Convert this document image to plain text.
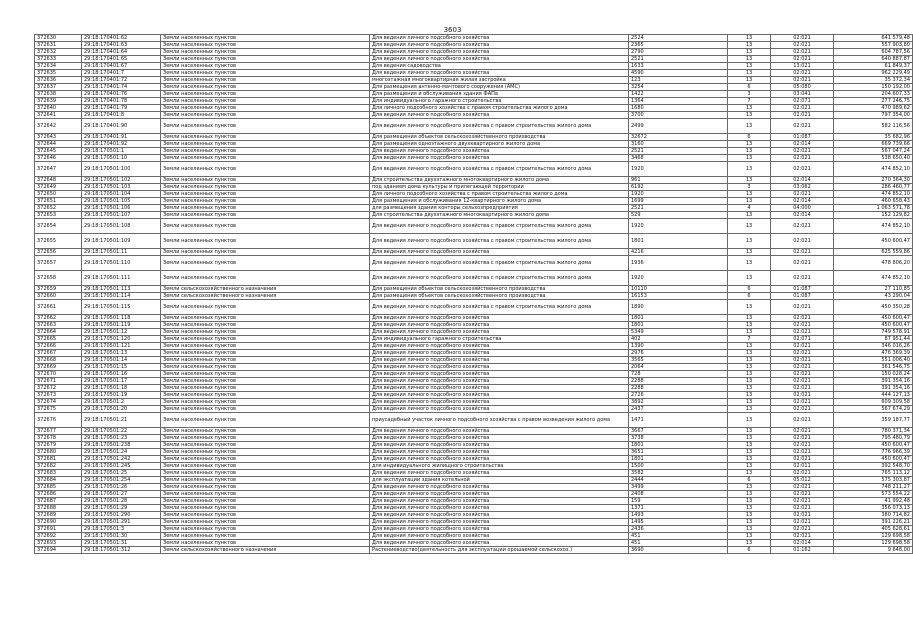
3603
372630	29:18:170401:62	Земли населенных пунктов	Для ведения личного подсобного хозяйства	2524	13	02:021	641 579,48
372631	29:18:170401:63	Земли населенных пунктов	Для ведения личного подсобного хозяйства	2365	13	02:021	557 903,80
372632	29:18:170401:64	Земли населенных пунктов	Для ведения личного подсобного хозяйства	2790	13	02:021	604 787,56
372633	29:18:170401:65	Земли населенных пунктов	Для ведения личного подсобного хозяйства	2521	13	02:021	640 887,87
372634	29:18:170401:67	Земли населенных пунктов	Для ведения садоводства	1633	13	13:021	61 849,37
372635	29:18:170401:7	Земли населенных пунктов	Для ведения личного подсобного хозяйства	4590	13	02:021	962 229,49
372636	29:18:170401:72	Земли населенных пунктов	многоэтажная многоквартирная жилая застройка	123	13	02:021	35 372,34
372637	29:18:170401:74	Земли населенных пунктов	Для размещения антенно-мачтового сооружения (АМС)	3254	6	05:080	150 192,00
372638	29:18:170401:76	Земли населенных пунктов	Для размещения и обслуживания здания ФАПа	1422	3	03:041	204 607,33
372639	29:18:170401:78	Земли населенных пунктов	Для индивидуального гаражного строительства	1364	7	02:071	277 246,75
372640	29:18:170401:79	Земли населенных пунктов	Для личного подсобного хозяйства с правом строительства жилого дома	1680	13	02:021	470 989,62
372641	29:18:170401:8	Земли населенных пунктов	Для ведения личного подсобного хозяйства	3700	13	02:021	797 354,00
372642	29:18:170401:90	Земли населенных пунктов	Для ведения личного подсобного хозяйства с правом строительства жилого дома	2499	13	02:021	582 116,56
372643	29:18:170401:91	Земли населенных пунктов	Для размещения объектов сельскохозяйственного производства	32672	6	01:087	35 682,96
372644	29:18:170401:92	Земли населенных пунктов	Для размещения одноэтажного двухквартирного жилого дома	3160	13	02:014	669 739,66
372645	29:18:170501:1	Земли населенных пунктов	Для ведения личного подсобного хозяйства	2521	13	02:021	567 047,24
372646	29:18:170501:10	Земли населенных пунктов	Для ведения личного подсобного хозяйства	3468	13	02:021	538 650,40
372647	29:18:170501:100	Земли населенных пунктов	Для ведения личного подсобного хозяйства с правом строительства жилого дома	1920	13	02:021	474 852,10
372648	29:18:170501:102	Земли населенных пунктов	Для строительства двухэтажного многоквартирного жилого дома	961	13	02:014	270 364,30
372649	29:18:170501:103	Земли населенных пунктов	под зданием дома культуры и прилегающей территории	6192	3	03:062	286 460,77
372650	29:18:170501:104	Земли населенных пунктов	Для личного подсобного хозяйства с правом строительства жилого дома	1920	13	02:021	474 852,10
372651	29:18:170501:105	Земли населенных пунктов	Для размещения и обслуживания 12-квартирного жилого дома	1699	13	02:014	460 658,43
372652	29:18:170501:106	Земли населенных пунктов	для размещения здания конторы сельхозпредприятия	2521	4	04:000	1 063 571,78
372653	29:18:170501:107	Земли населенных пунктов	Для строительства двухэтажного многоквартирного жилого дома	529	13	02:014	152 129,82
372654	29:18:170501:108	Земли населенных пунктов	Для ведения личного подсобного хозяйства с правом строительства жилого дома	1920	13	02:021	474 852,10
372655	29:18:170501:109	Земли населенных пунктов	Для ведения личного подсобного хозяйства с правом строительства жилого дома	1801	13	02:021	450 600,47
372656	29:18:170501:11	Земли населенных пунктов	Для ведения личного подсобного хозяйства	4216	13	02:021	625 559,86
372657	29:18:170501:110	Земли населенных пунктов	Для ведения личного подсобного хозяйства с правом строительства жилого дома	1936	13	02:021	478 806,20
372658	29:18:170501:111	Земли населенных пунктов	Для ведения личного подсобного хозяйства с правом строительства жилого дома	1920	13	02:021	474 852,10
372659	29:18:170501:113	Земли сельскохозяйственного назначения	Для размещения объектов сельскохозяйственного производства	10110	6	01:087	27 110,85
372660	29:18:170501:114	Земли сельскохозяйственного назначения	Для размещения объектов сельскохозяйственного производства	16153	6	01:087	43 290,04
372661	29:18:170501:115	Земли населенных пунктов	Для ведения личного подсобного хозяйства с правом строительства жилого дома	1890	13	02:021	450 350,28
372662	29:18:170501:118	Земли населенных пунктов	Для ведения личного подсобного хозяйства	1801	13	02:021	450 600,47
372663	29:18:170501:119	Земли населенных пунктов	Для ведения личного подсобного хозяйства	1801	13	02:021	450 600,47
372664	29:18:170501:12	Земли населенных пунктов	Для ведения личного подсобного хозяйства	5349	13	02:021	749 578,91
372665	29:18:170501:120	Земли населенных пунктов	Для индивидуального гаражного строительства	402	7	02:071	87 951,44
372666	29:18:170501:121	Земли населенных пунктов	Для ведения личного подсобного хозяйства	1390	13	02:021	346 016,26
372667	29:18:170501:13	Земли населенных пунктов	Для ведения личного подсобного хозяйства	2976	13	02:021	476 369,39
372668	29:18:170501:14	Земли населенных пунктов	Для ведения личного подсобного хозяйства	3565	13	02:021	551 006,40
372669	29:18:170501:15	Земли населенных пунктов	Для ведения личного подсобного хозяйства	2064	13	02:021	361 546,75
372670	29:18:170501:16	Земли населенных пунктов	Для ведения личного подсобного хозяйства	728	13	02:021	150 028,24
372671	29:18:170501:17	Земли населенных пунктов	Для ведения личного подсобного хозяйства	2288	13	02:021	391 354,16
372672	29:18:170501:18	Земли населенных пунктов	Для ведения личного подсобного хозяйства	2288	13	02:021	391 354,16
372673	29:18:170501:19	Земли населенных пунктов	Для ведения личного подсобного хозяйства	2726	13	02:021	444 127,13
372674	29:18:170501:2	Земли населенных пунктов	Для ведения личного подсобного хозяйства	3892	13	02:021	609 309,58
372675	29:18:170501:20	Земли населенных пунктов	Для ведения личного подсобного хозяйства	2437	13	02:021	567 674,29
372676	29:18:170501:21	Земли населенных пунктов	приусадебный участок личного подсобного хозяйства с правом возведения жилого дома	1471	13	02:021	359 187,77
372677	29:18:170501:22	Земли населенных пунктов	Для ведения личного подсобного хозяйства	3667	13	02:021	780 371,34
372678	29:18:170501:23	Земли населенных пунктов	Для ведения личного подсобного хозяйства	3738	13	02:021	795 480,79
372679	29:18:170501:238	Земли населенных пунктов	Для ведения личного подсобного хозяйства	1801	13	02:021	450 600,47
372680	29:18:170501:24	Земли населенных пунктов	Для ведения личного подсобного хозяйства	3651	13	02:021	776 966,39
372681	29:18:170501:242	Земли населенных пунктов	Для ведения личного подсобного хозяйства	1801	13	02:021	450 600,47
372682	29:18:170501:245	Земли населенных пунктов	для индивидуального жилищного строительства	1500	13	02:011	392 548,70
372683	29:18:170501:25	Земли населенных пунктов	Для ведения личного подсобного хозяйства	3582	13	02:021	765 113,12
372684	29:18:170501:254	Земли населенных пунктов	для эксплуатации здания котельной	2444	6	05:012	575 303,87
372685	29:18:170501:26	Земли населенных пунктов	Для ведения личного подсобного хозяйства	3499	13	02:021	748 211,27
372686	29:18:170501:27	Земли населенных пунктов	Для ведения личного подсобного хозяйства	2408	13	02:021	573 554,22
372687	29:18:170501:28	Земли населенных пунктов	Для ведения личного подсобного хозяйства	159	13	02:021	41 992,48
372688	29:18:170501:29	Земли населенных пунктов	Для ведения личного подсобного хозяйства	1371	13	02:021	356 073,13
372689	29:18:170501:290	Земли населенных пунктов	Для ведения личного подсобного хозяйства	1493	13	02:021	380 714,82
372690	29:18:170501:291	Земли населенных пунктов	Для ведения личного подсобного хозяйства	1495	13	02:021	391 226,21
372691	29:18:170501:3	Земли населенных пунктов	Для ведения личного подсобного хозяйства	2436	13	02:021	405 628,61
372692	29:18:170501:30	Земли населенных пунктов	Для ведения личного подсобного хозяйства	451	13	02:021	129 698,58
372693	29:18:170501:31	Земли населенных пунктов	Для ведения личного подсобного хозяйства	451	13	02:014	129 698,58
372694	29:18:170501:312	Земли сельскохозяйственного назначения	Растениеводство(деятельность для эксплуатации орошаемой сельскохоз.)	3690	6	01:162	9 648,00
